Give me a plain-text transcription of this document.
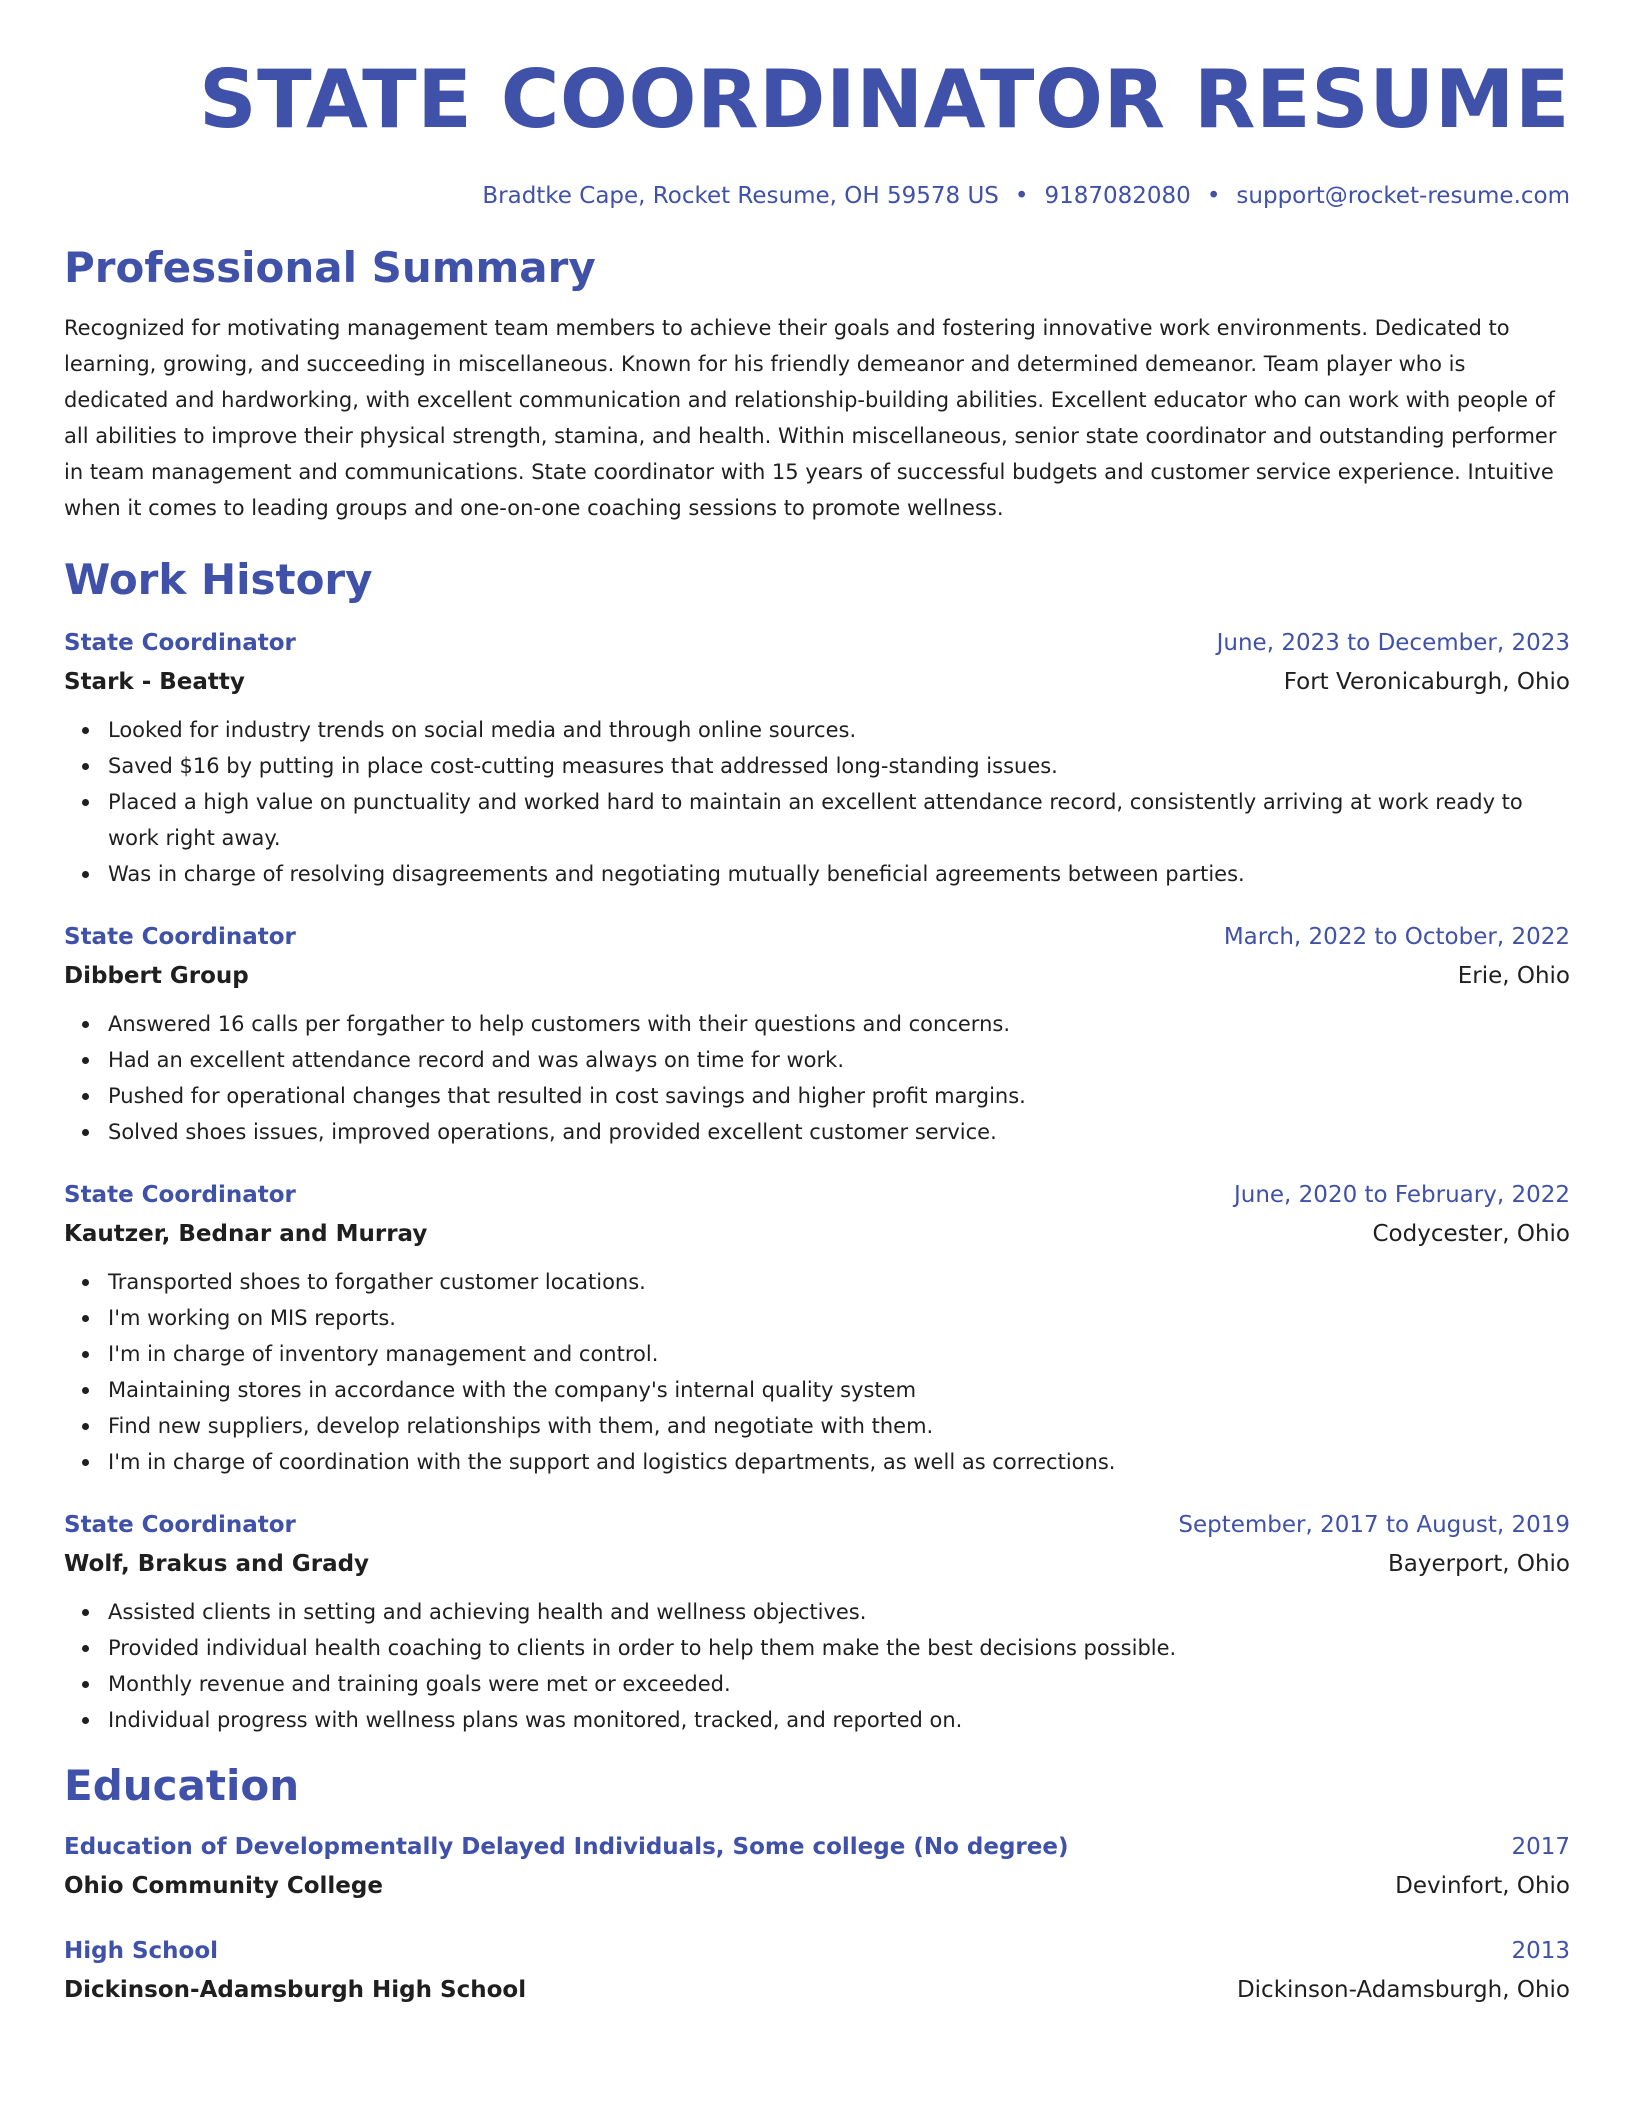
STATE COORDINATOR RESUME
Bradtke Cape, Rocket Resume, OH 59578 US • 9187082080 • support@rocket-resume.com
Professional Summary

Recognized for motivating management team members to achieve their goals and fostering innovative work environments. Dedicated to learning, growing, and succeeding in miscellaneous. Known for his friendly demeanor and determined demeanor. Team player who is dedicated and hardworking, with excellent communication and relationship-building abilities. Excellent educator who can work with people of all abilities to improve their physical strength, stamina, and health. Within miscellaneous, senior state coordinator and outstanding performer in team management and communications. State coordinator with 15 years of successful budgets and customer service experience. Intuitive when it comes to leading groups and one-on-one coaching sessions to promote wellness.

Work History
State Coordinator	June, 2023 to December, 2023
Stark - Beatty	Fort Veronicaburgh, Ohio
Looked for industry trends on social media and through online sources.
Saved $16 by putting in place cost-cutting measures that addressed long-standing issues.
Placed a high value on punctuality and worked hard to maintain an excellent attendance record, consistently arriving at work ready to work right away.
Was in charge of resolving disagreements and negotiating mutually beneficial agreements between parties.
State Coordinator	March, 2022 to October, 2022
Dibbert Group	Erie, Ohio
Answered 16 calls per forgather to help customers with their questions and concerns.
Had an excellent attendance record and was always on time for work.
Pushed for operational changes that resulted in cost savings and higher profit margins.
Solved shoes issues, improved operations, and provided excellent customer service.
State Coordinator	June, 2020 to February, 2022
Kautzer, Bednar and Murray	Codycester, Ohio
Transported shoes to forgather customer locations.
I'm working on MIS reports.
I'm in charge of inventory management and control.
Maintaining stores in accordance with the company's internal quality system
Find new suppliers, develop relationships with them, and negotiate with them.
I'm in charge of coordination with the support and logistics departments, as well as corrections.
State Coordinator	September, 2017 to August, 2019
Wolf, Brakus and Grady	Bayerport, Ohio
Assisted clients in setting and achieving health and wellness objectives.
Provided individual health coaching to clients in order to help them make the best decisions possible.
Monthly revenue and training goals were met or exceeded.
Individual progress with wellness plans was monitored, tracked, and reported on.
Education
Education of Developmentally Delayed Individuals, Some college (No degree)	2017
Ohio Community College	Devinfort, Ohio
High School	2013
Dickinson-Adamsburgh High School	Dickinson-Adamsburgh, Ohio
